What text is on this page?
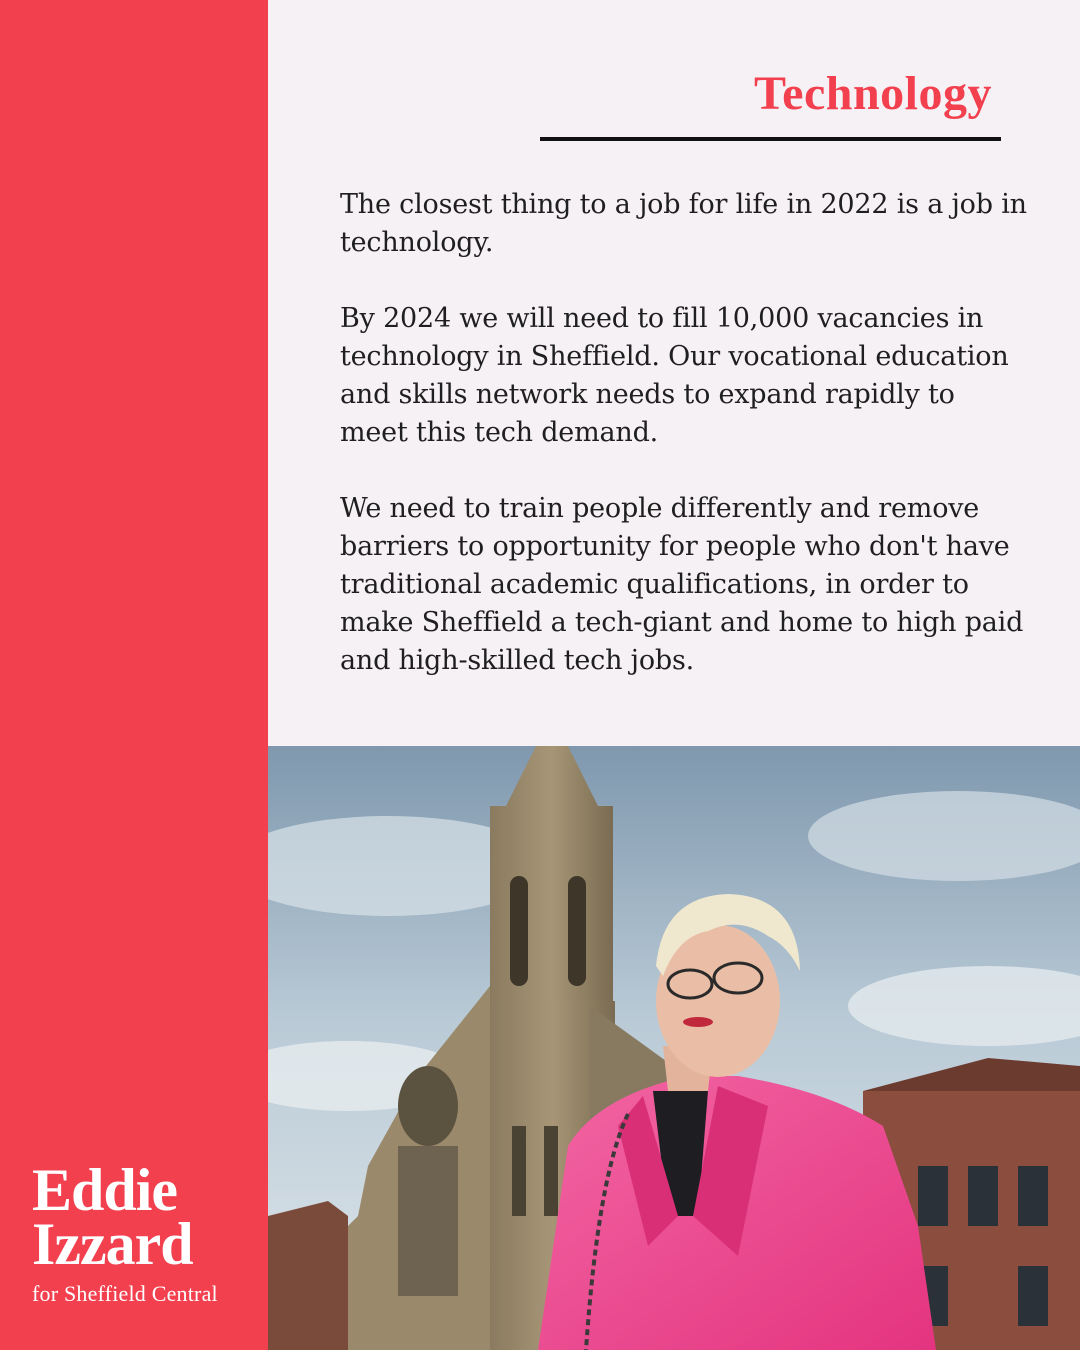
Eddie
Izzard
for Sheffield Central
Technology

The closest thing to a job for life in 2022 is a job in technology.

By 2024 we will need to fill 10,000 vacancies in technology in Sheffield. Our vocational education and skills network needs to expand rapidly to meet this tech demand.

We need to train people differently and remove barriers to opportunity for people who don't have traditional academic qualifications, in order to make Sheffield a tech-giant and home to high paid and high-skilled tech jobs.
